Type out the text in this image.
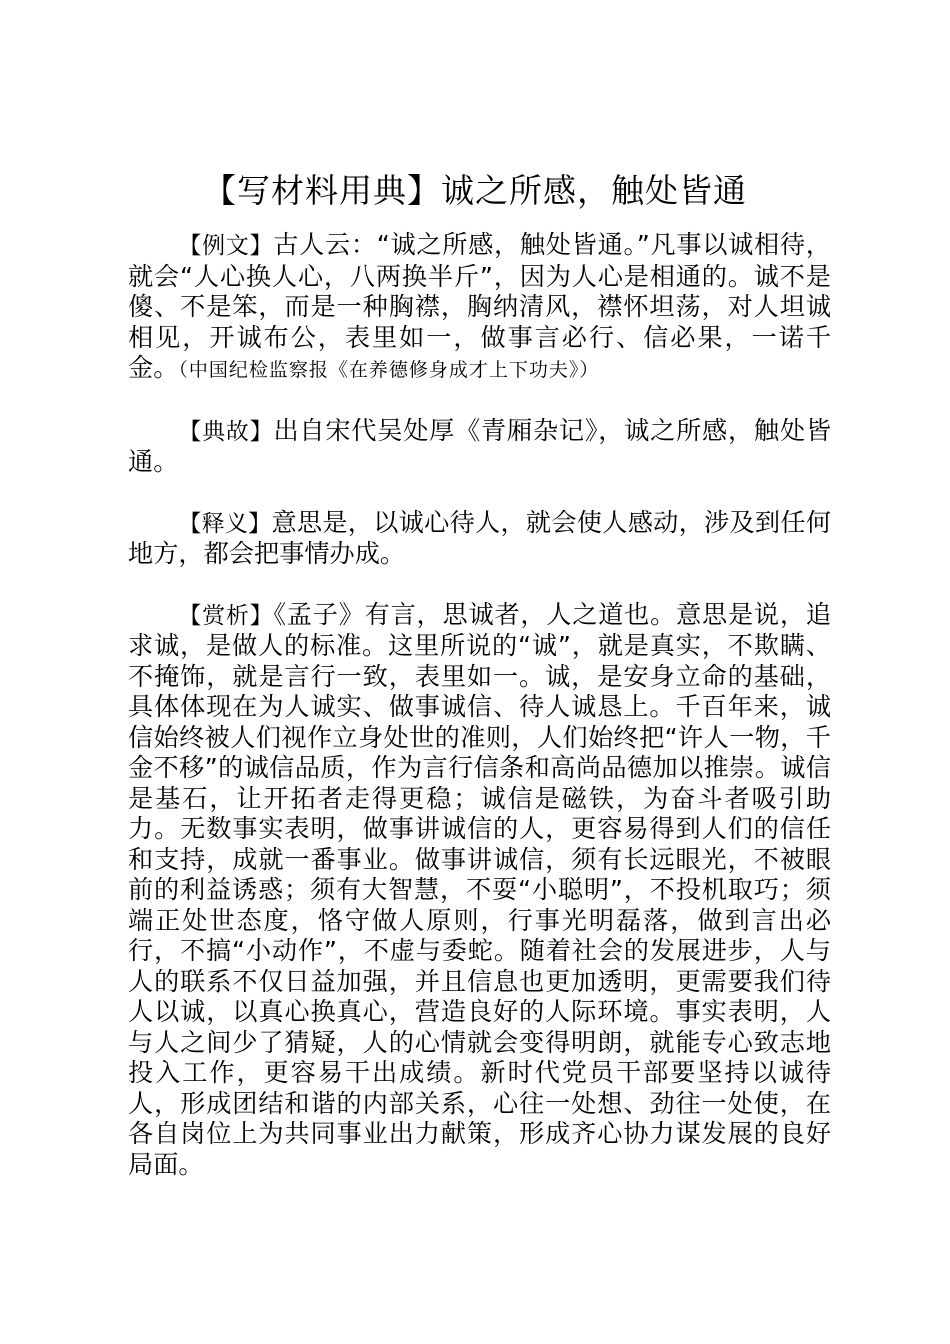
【写材料用典】诚之所感，触处皆通

【例文】古人云：“诚之所感，触处皆通。”凡事以诚相待，就会“人心换人心，八两换半斤”，因为人心是相通的。诚不是傻、不是笨，而是一种胸襟，胸纳清风，襟怀坦荡，对人坦诚相见，开诚布公，表里如一，做事言必行、信必果，一诺千金。（中国纪检监察报《在养德修身成才上下功夫》）

【典故】出自宋代吴处厚《青厢杂记》，诚之所感，触处皆通。

【释义】意思是，以诚心待人，就会使人感动，涉及到任何地方，都会把事情办成。

【赏析】《孟子》有言，思诚者，人之道也。意思是说，追求诚，是做人的标准。这里所说的“诚”，就是真实，不欺瞒、不掩饰，就是言行一致，表里如一。诚，是安身立命的基础，具体体现在为人诚实、做事诚信、待人诚恳上。千百年来，诚信始终被人们视作立身处世的准则，人们始终把“许人一物，千金不移”的诚信品质，作为言行信条和高尚品德加以推崇。诚信是基石，让开拓者走得更稳；诚信是磁铁，为奋斗者吸引助力。无数事实表明，做事讲诚信的人，更容易得到人们的信任和支持，成就一番事业。做事讲诚信，须有长远眼光，不被眼前的利益诱惑；须有大智慧，不耍“小聪明”，不投机取巧；须端正处世态度，恪守做人原则，行事光明磊落，做到言出必行，不搞“小动作”，不虚与委蛇。随着社会的发展进步，人与人的联系不仅日益加强，并且信息也更加透明，更需要我们待人以诚，以真心换真心，营造良好的人际环境。事实表明，人与人之间少了猜疑，人的心情就会变得明朗，就能专心致志地投入工作，更容易干出成绩。新时代党员干部要坚持以诚待人，形成团结和谐的内部关系，心往一处想、劲往一处使，在各自岗位上为共同事业出力献策，形成齐心协力谋发展的良好局面。
